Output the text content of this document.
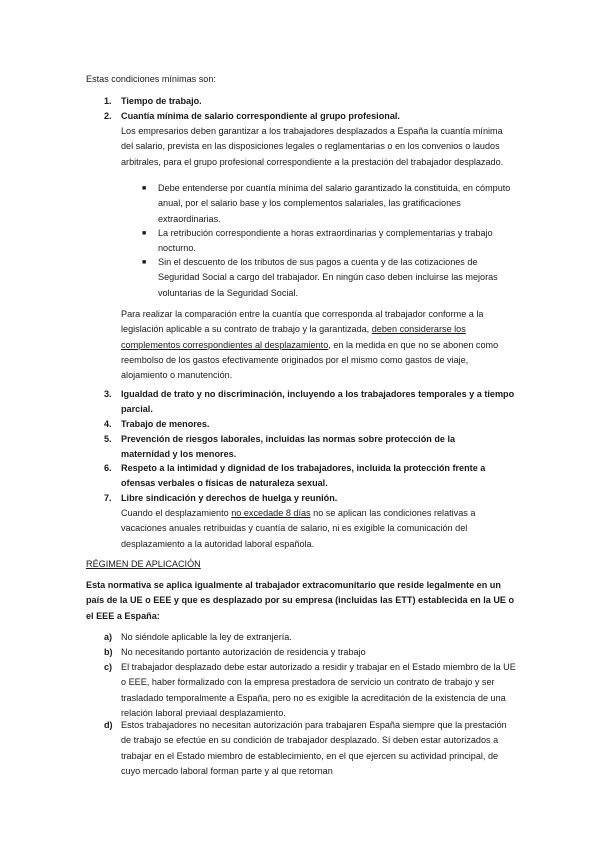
Estas condiciones mínimas son:

1. Tiempo de trabajo.

2. Cuantía mínima de salario correspondiente al grupo profesional.

Los empresarios deben garantizar a los trabajadores desplazados a España la cuantía mínima del salario, prevista en las disposiciones legales o reglamentarias o en los convenios o laudos arbitrales, para el grupo profesional correspondiente a la prestación del trabajador desplazado.

■ Debe entenderse por cuantía mínima del salario garantizado la constituida, en cómputo anual, por el salario base y los complementos salariales, las gratificaciones extraordinarias.

■ La retribución correspondiente a horas extraordinarias y complementarias y trabajo nocturno.

■ Sin el descuento de los tributos de sus pagos a cuenta y de las cotizaciones de Seguridad Social a cargo del trabajador. En ningún caso deben incluirse las mejoras voluntarias de la Seguridad Social.

Para realizar la comparación entre la cuantía que corresponda al trabajador conforme a la legislación aplicable a su contrato de trabajo y la garantizada, deben considerarse los complementos correspondientes al desplazamiento, en la medida en que no se abonen como reembolso de los gastos efectivamente originados por el mismo como gastos de viaje, alojamiento o manutención.

3. Igualdad de trato y no discriminación, incluyendo a los trabajadores temporales y a tiempo parcial.

4. Trabajo de menores.

5. Prevención de riesgos laborales, incluidas las normas sobre protección de la maternidad y los menores.

6. Respeto a la intimidad y dignidad de los trabajadores, incluida la protección frente a ofensas verbales o físicas de naturaleza sexual.

7. Libre sindicación y derechos de huelga y reunión.

Cuando el desplazamiento no excedade 8 días no se aplican las condiciones relativas a vacaciones anuales retribuidas y cuantía de salario, ni es exigible la comunicación del desplazamiento a la autoridad laboral española.

RÉGIMEN DE APLICACIÓN

Esta normativa se aplica igualmente al trabajador extracomunitario que reside legalmente en un país de la UE o EEE y que es desplazado por su empresa (incluidas las ETT) establecida en la UE o el EEE a España:

a) No siéndole aplicable la ley de extranjería.

b) No necesitando portanto autorización de residencia y trabajo

c) El trabajador desplazado debe estar autorizado a residir y trabajar en el Estado miembro de la UE o EEE, haber formalizado con la empresa prestadora de servicio un contrato de trabajo y ser trasladado temporalmente a España, pero no es exigible la acreditación de la existencia de una relación laboral previaal desplazamiento.

d) Estos trabajadores no necesitan autorización para trabajaren España siempre que la prestación de trabajo se efectúe en su condición de trabajador desplazado. Sí deben estar autorizados a trabajar en el Estado miembro de establecimiento, en el que ejercen su actividad principal, de cuyo mercado laboral forman parte y al que retornan
